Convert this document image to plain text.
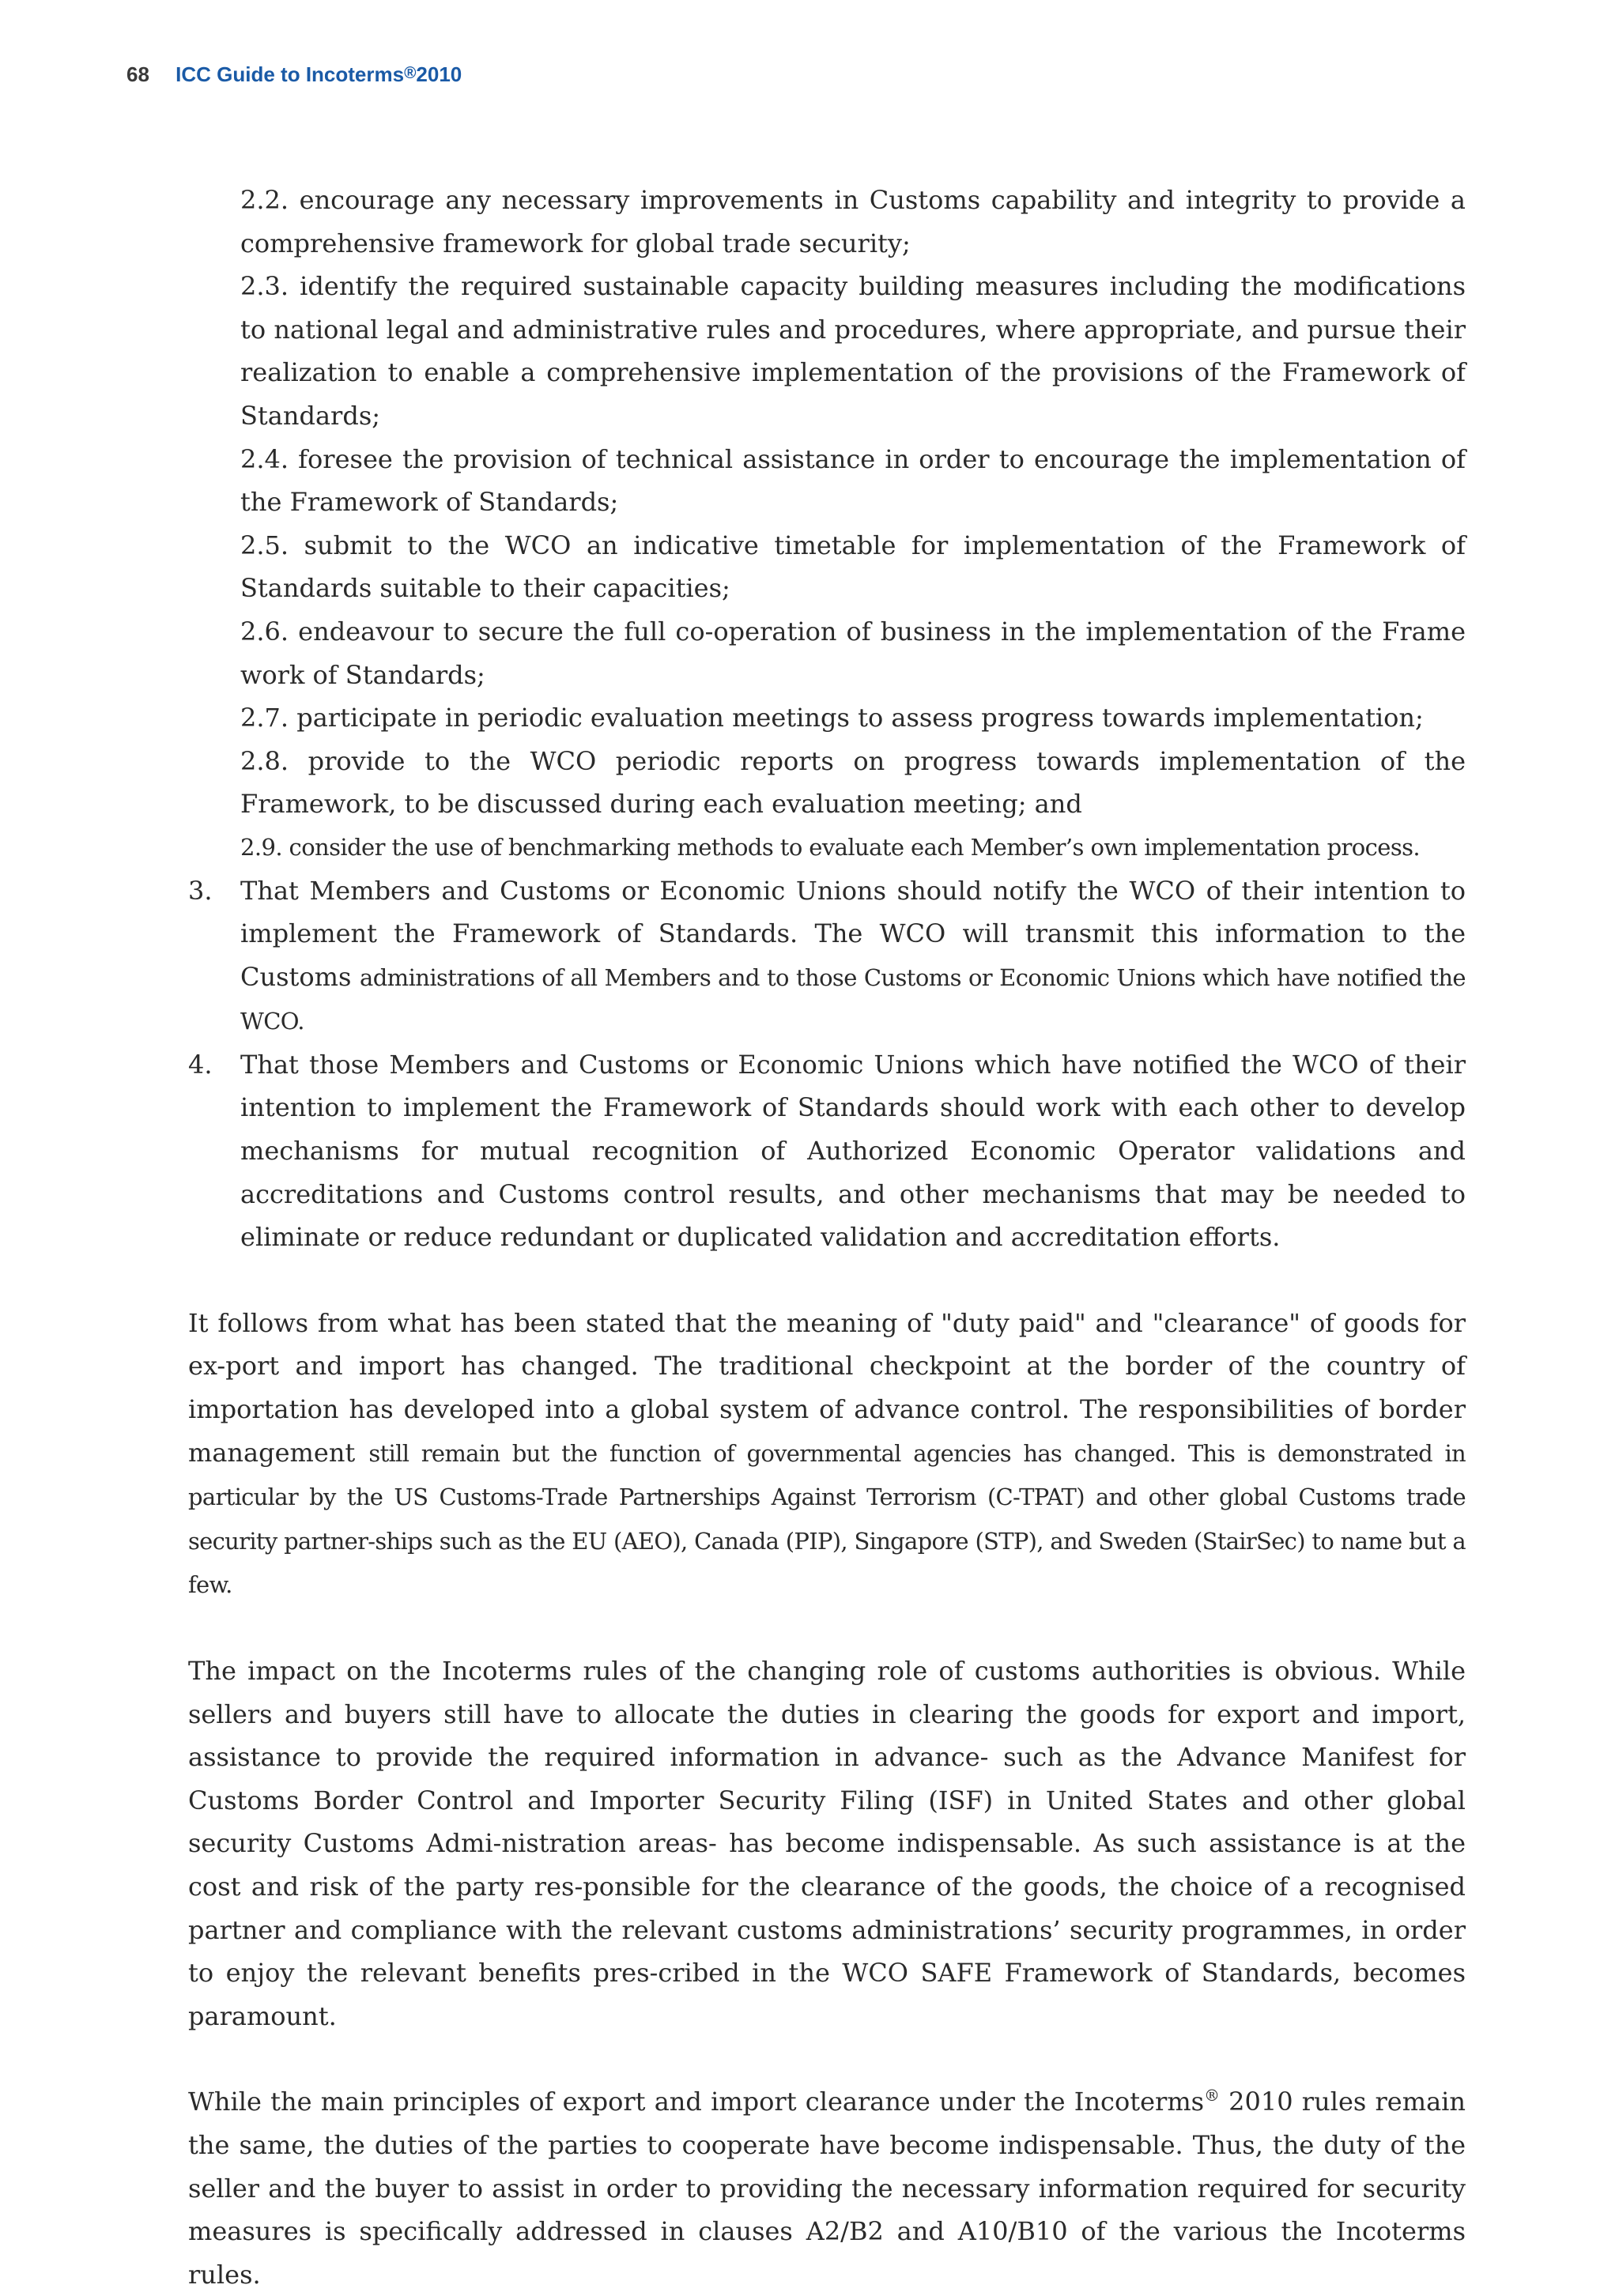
68 ICC Guide to Incoterms®2010

2.2. encourage any necessary improvements in Customs capability and integrity to provide a comprehensive framework for global trade security;

2.3. identify the required sustainable capacity building measures including the modifications to national legal and administrative rules and procedures, where appropriate, and pursue their realization to enable a comprehensive implementation of the provisions of the Framework of Standards;

2.4. foresee the provision of technical assistance in order to encourage the implementation of the Framework of Standards;

2.5. submit to the WCO an indicative timetable for implementation of the Framework of Standards suitable to their capacities;

2.6. endeavour to secure the full co-operation of business in the implementation of the Frame work of Standards;

2.7. participate in periodic evaluation meetings to assess progress towards implementation;

2.8. provide to the WCO periodic reports on progress towards implementation of the Framework, to be discussed during each evaluation meeting; and

2.9. consider the use of benchmarking methods to evaluate each Member’s own implementation process.

3. That Members and Customs or Economic Unions should notify the WCO of their intention to implement the Framework of Standards. The WCO will transmit this information to the Customs administrations of all Members and to those Customs or Economic Unions which have notified the WCO.
4. That those Members and Customs or Economic Unions which have notified the WCO of their intention to implement the Framework of Standards should work with each other to develop mechanisms for mutual recognition of Authorized Economic Operator validations and accreditations and Customs control results, and other mechanisms that may be needed to eliminate or reduce redundant or duplicated validation and accreditation efforts.

It follows from what has been stated that the meaning of "duty paid" and "clearance" of goods for ex-port and import has changed. The traditional checkpoint at the border of the country of importation has developed into a global system of advance control. The responsibilities of border management still remain but the function of governmental agencies has changed. This is demonstrated in particular by the US Customs-Trade Partnerships Against Terrorism (C-TPAT) and other global Customs trade security partner-ships such as the EU (AEO), Canada (PIP), Singapore (STP), and Sweden (StairSec) to name but a few.

The impact on the Incoterms rules of the changing role of customs authorities is obvious. While sellers and buyers still have to allocate the duties in clearing the goods for export and import, assistance to provide the required information in advance- such as the Advance Manifest for Customs Border Control and Importer Security Filing (ISF) in United States and other global security Customs Admi-nistration areas- has become indispensable. As such assistance is at the cost and risk of the party res-ponsible for the clearance of the goods, the choice of a recognised partner and compliance with the relevant customs administrations’ security programmes, in order to enjoy the relevant benefits pres-cribed in the WCO SAFE Framework of Standards, becomes paramount.

While the main principles of export and import clearance under the Incoterms® 2010 rules remain the same, the duties of the parties to cooperate have become indispensable. Thus, the duty of the seller and the buyer to assist in order to providing the necessary information required for security measures is specifically addressed in clauses A2/B2 and A10/B10 of the various the Incoterms rules.
